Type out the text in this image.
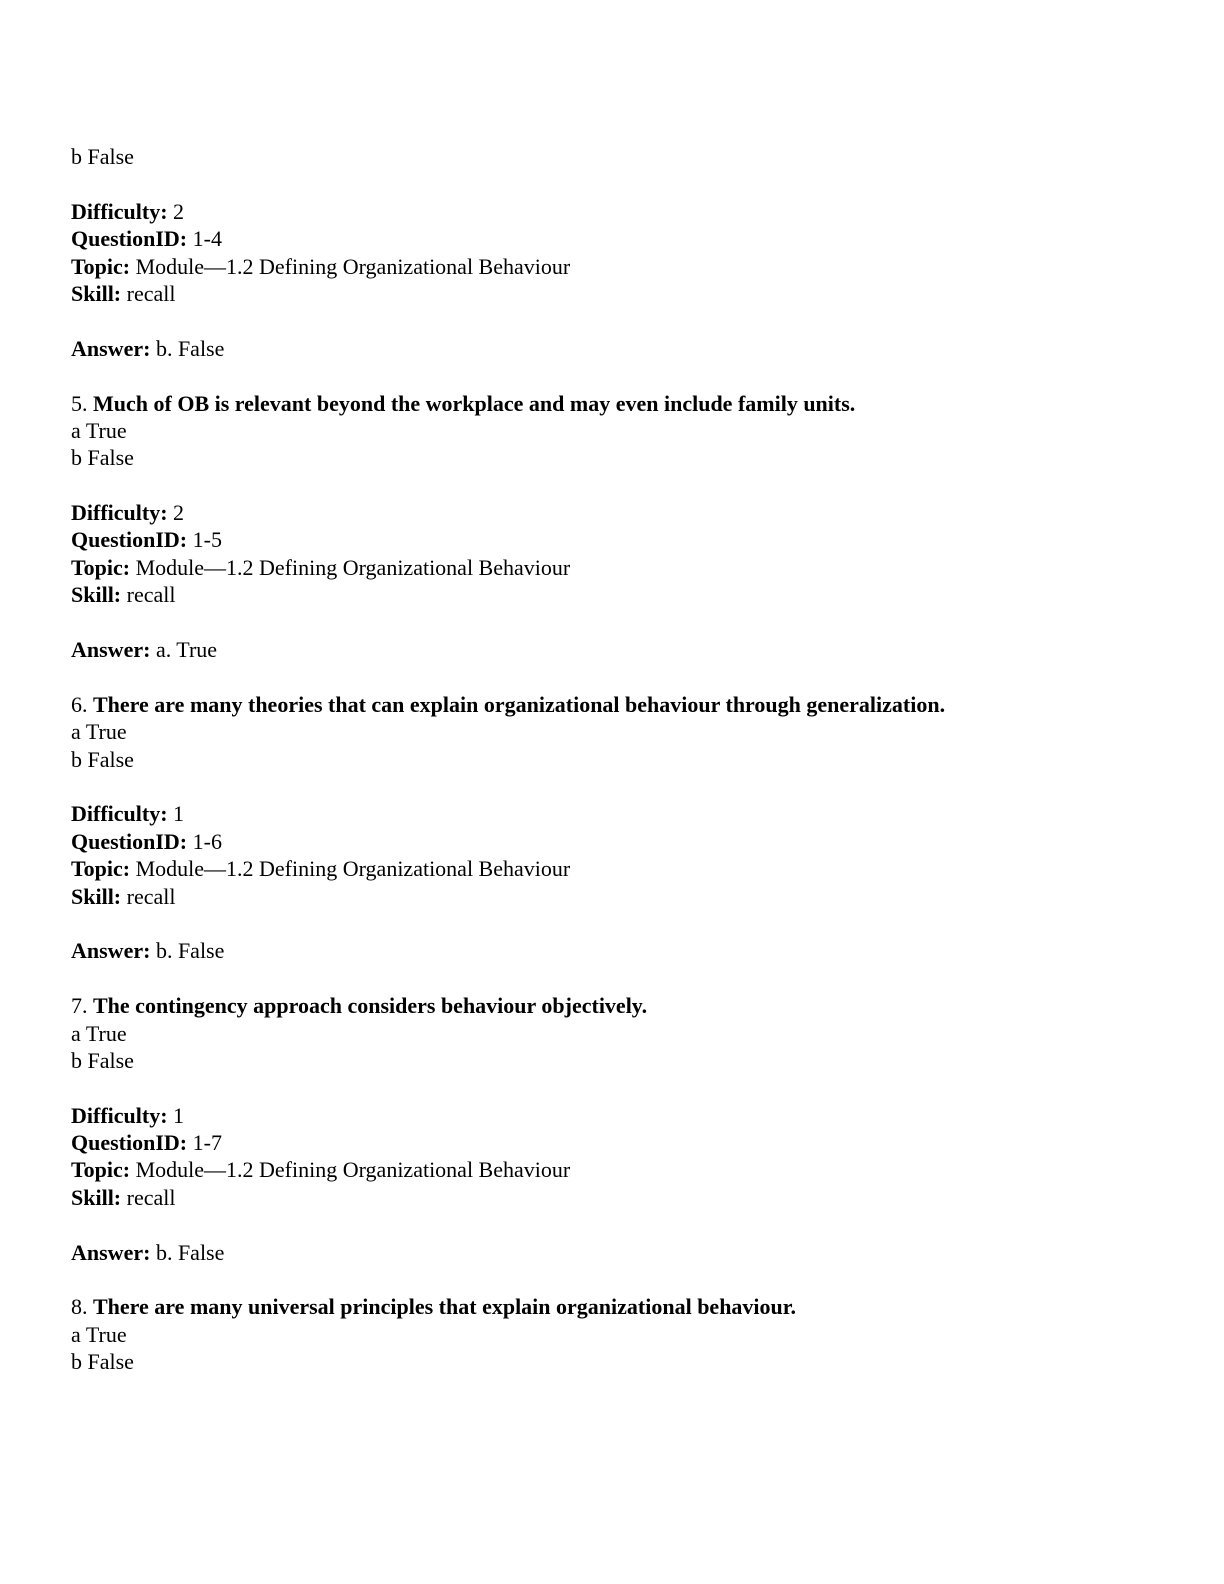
b False
Difficulty: 2
QuestionID: 1-4
Topic: Module—1.2 Defining Organizational Behaviour
Skill: recall
Answer: b. False
5. Much of OB is relevant beyond the workplace and may even include family units.
a True
b False
Difficulty: 2
QuestionID: 1-5
Topic: Module—1.2 Defining Organizational Behaviour
Skill: recall
Answer: a. True
6. There are many theories that can explain organizational behaviour through generalization.
a True
b False
Difficulty: 1
QuestionID: 1-6
Topic: Module—1.2 Defining Organizational Behaviour
Skill: recall
Answer: b. False
7. The contingency approach considers behaviour objectively.
a True
b False
Difficulty: 1
QuestionID: 1-7
Topic: Module—1.2 Defining Organizational Behaviour
Skill: recall
Answer: b. False
8. There are many universal principles that explain organizational behaviour.
a True
b False
